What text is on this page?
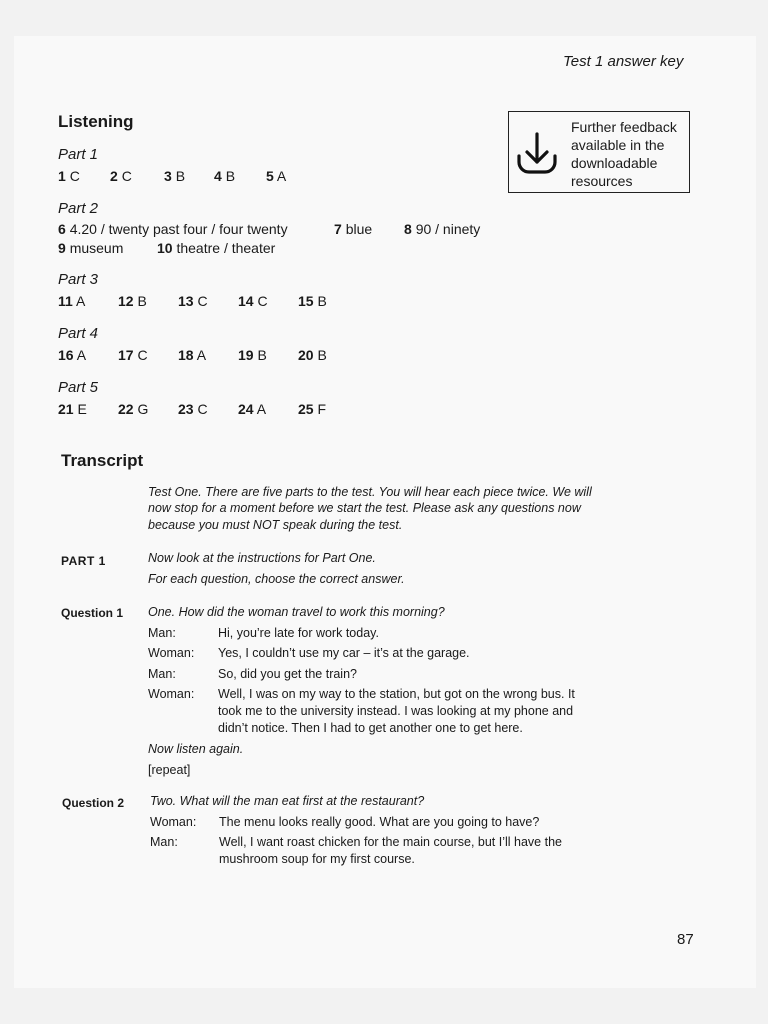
Test 1 answer key
Listening
Part 1
1 C 2 C 3 B 4 B 5 A
Part 2
6 4.20 / twenty past four / four twenty	7 blue 8 90 / ninety
9 museum 10 theatre / theater
Part 3
11 A 12 B 13 C 14 C 15 B
Part 4
16 A 17 C 18 A 19 B 20 B
Part 5
21 E 22 G 23 C 24 A 25 F
Further feedback
available in the
downloadable
resources
Transcript
Test One. There are five parts to the test. You will hear each piece twice. We will
now stop for a moment before we start the test. Please ask any questions now
because you must NOT speak during the test.
PART 1	Now look at the instructions for Part One.
For each question, choose the correct answer.
Question 1 One. How did the woman travel to work this morning?
Man:	Hi, you’re late for work today.
Woman: Yes, I couldn’t use my car – it’s at the garage.
Man:	So, did you get the train?
Woman: Well, I was on my way to the station, but got on the wrong bus. It
took me to the university instead. I was looking at my phone and
didn’t notice. Then I had to get another one to get here.
Now listen again.
[repeat]
Question 2 Two. What will the man eat first at the restaurant?
Woman: The menu looks really good. What are you going to have?
Man:	Well, I want roast chicken for the main course, but I’ll have the
mushroom soup for my first course.
87
